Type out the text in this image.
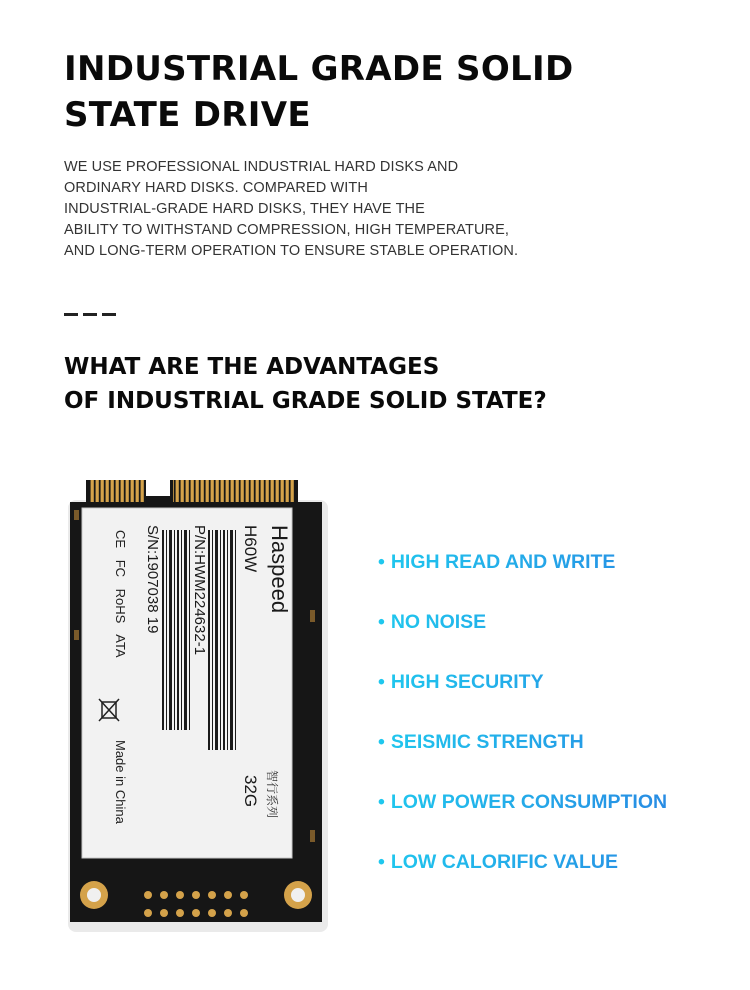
INDUSTRIAL GRADE SOLID
STATE DRIVE

WE USE PROFESSIONAL INDUSTRIAL HARD DISKS AND
ORDINARY HARD DISKS. COMPARED WITH
INDUSTRIAL-GRADE HARD DISKS, THEY HAVE THE
ABILITY TO WITHSTAND COMPRESSION, HIGH TEMPERATURE,
AND LONG-TERM OPERATION TO ENSURE STABLE OPERATION.

WHAT ARE THE ADVANTAGES
OF INDUSTRIAL GRADE SOLID STATE?
Haspeed
H60W
P/N:HWM224632-1
S/N:1907038 19
32G 智行系列
CE FC RoHS ATA
Made in China
• HIGH READ AND WRITE
• NO NOISE
• HIGH SECURITY
• SEISMIC STRENGTH
• LOW POWER CONSUMPTION
• LOW CALORIFIC VALUE
